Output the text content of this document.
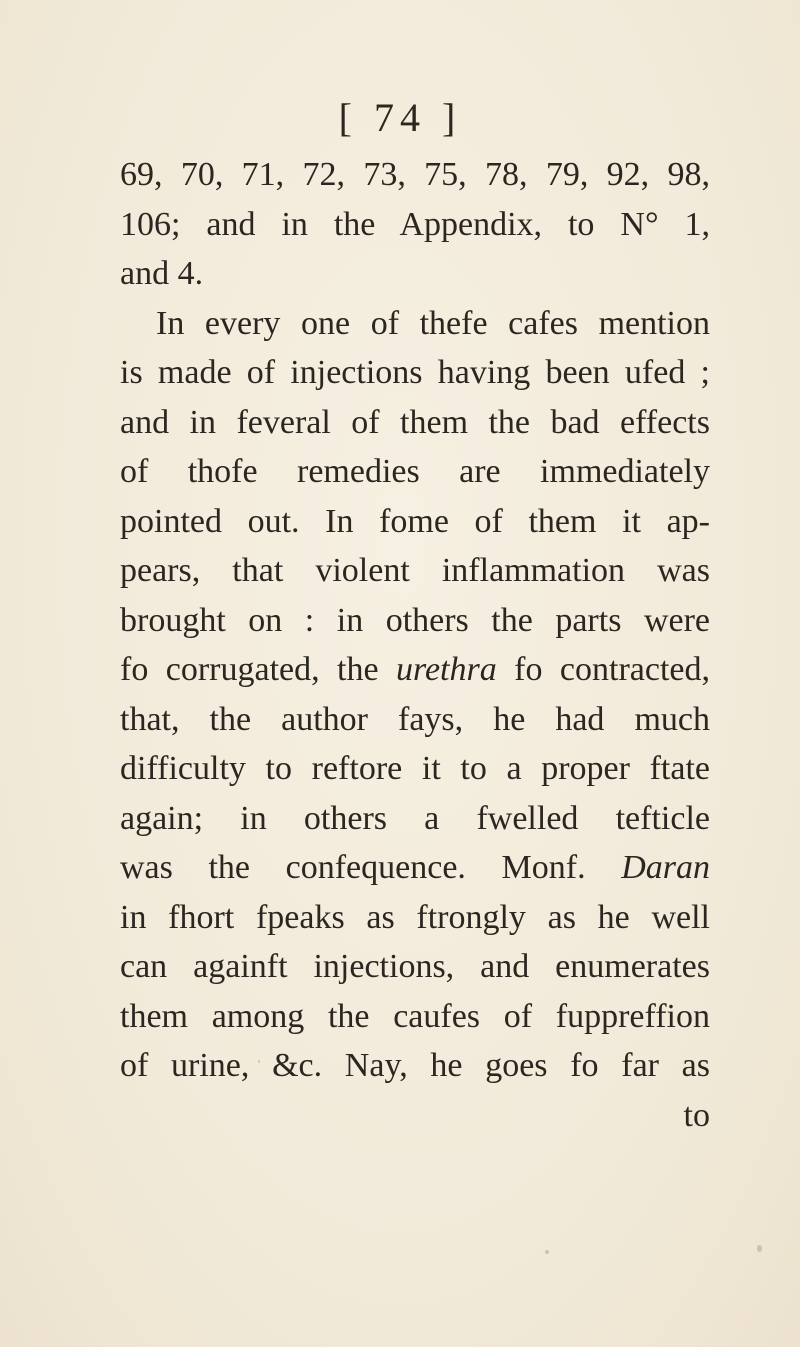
[ 74 ]
69, 70, 71, 72, 73, 75, 78, 79, 92, 98,
106; and in the Appendix, to N° 1,
and 4.
In every one of thefe cafes mention
is made of injections having been ufed ;
and in feveral of them the bad effects
of thofe remedies are immediately
pointed out. In fome of them it ap-
pears, that violent inflammation was
brought on : in others the parts were
fo corrugated, the urethra fo contracted,
that, the author fays, he had much
difficulty to reftore it to a proper ftate
again; in others a fwelled tefticle
was the confequence. Monf. Daran
in fhort fpeaks as ftrongly as he well
can againft injections, and enumerates
them among the caufes of fuppreffion
of urine, &c. Nay, he goes fo far as
to
